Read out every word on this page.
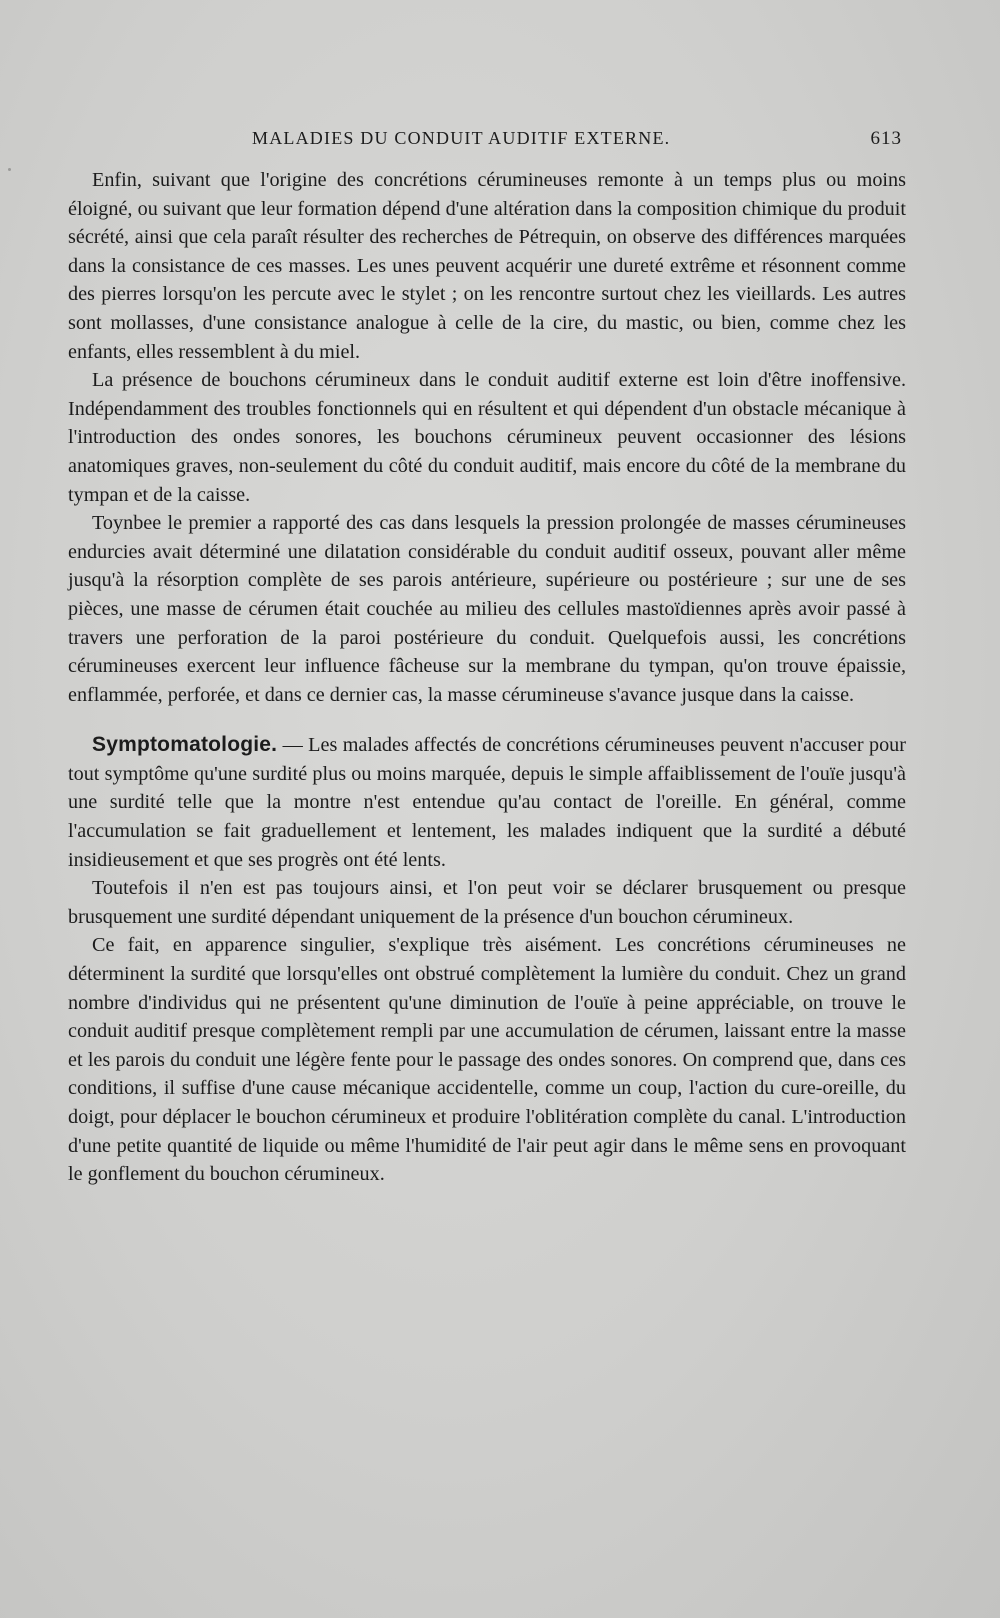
MALADIES DU CONDUIT AUDITIF EXTERNE.	613

Enfin, suivant que l'origine des concrétions cérumineuses remonte à un temps plus ou moins éloigné, ou suivant que leur formation dépend d'une altération dans la composition chimique du produit sécrété, ainsi que cela paraît résulter des recherches de Pétrequin, on observe des différences marquées dans la consistance de ces masses. Les unes peuvent acquérir une dureté extrême et résonnent comme des pierres lorsqu'on les percute avec le stylet ; on les rencontre surtout chez les vieillards. Les autres sont mollasses, d'une consistance analogue à celle de la cire, du mastic, ou bien, comme chez les enfants, elles ressemblent à du miel.

La présence de bouchons cérumineux dans le conduit auditif externe est loin d'être inoffensive. Indépendamment des troubles fonctionnels qui en résultent et qui dépendent d'un obstacle mécanique à l'introduction des ondes sonores, les bouchons cérumineux peuvent occasionner des lésions anatomiques graves, non-seulement du côté du conduit auditif, mais encore du côté de la membrane du tympan et de la caisse.

Toynbee le premier a rapporté des cas dans lesquels la pression prolongée de masses cérumineuses endurcies avait déterminé une dilatation considérable du conduit auditif osseux, pouvant aller même jusqu'à la résorption complète de ses parois antérieure, supérieure ou postérieure ; sur une de ses pièces, une masse de cérumen était couchée au milieu des cellules mastoïdiennes après avoir passé à travers une perforation de la paroi postérieure du conduit. Quelquefois aussi, les concrétions cérumineuses exercent leur influence fâcheuse sur la membrane du tympan, qu'on trouve épaissie, enflammée, perforée, et dans ce dernier cas, la masse cérumineuse s'avance jusque dans la caisse.

Symptomatologie. — Les malades affectés de concrétions cérumineuses peuvent n'accuser pour tout symptôme qu'une surdité plus ou moins marquée, depuis le simple affaiblissement de l'ouïe jusqu'à une surdité telle que la montre n'est entendue qu'au contact de l'oreille. En général, comme l'accumulation se fait graduellement et lentement, les malades indiquent que la surdité a débuté insidieusement et que ses progrès ont été lents.

Toutefois il n'en est pas toujours ainsi, et l'on peut voir se déclarer brusquement ou presque brusquement une surdité dépendant uniquement de la présence d'un bouchon cérumineux.

Ce fait, en apparence singulier, s'explique très aisément. Les concrétions cérumineuses ne déterminent la surdité que lorsqu'elles ont obstrué complètement la lumière du conduit. Chez un grand nombre d'individus qui ne présentent qu'une diminution de l'ouïe à peine appréciable, on trouve le conduit auditif presque complètement rempli par une accumulation de cérumen, laissant entre la masse et les parois du conduit une légère fente pour le passage des ondes sonores. On comprend que, dans ces conditions, il suffise d'une cause mécanique accidentelle, comme un coup, l'action du cure-oreille, du doigt, pour déplacer le bouchon cérumineux et produire l'oblitération complète du canal. L'introduction d'une petite quantité de liquide ou même l'humidité de l'air peut agir dans le même sens en provoquant le gonflement du bouchon cérumineux.
